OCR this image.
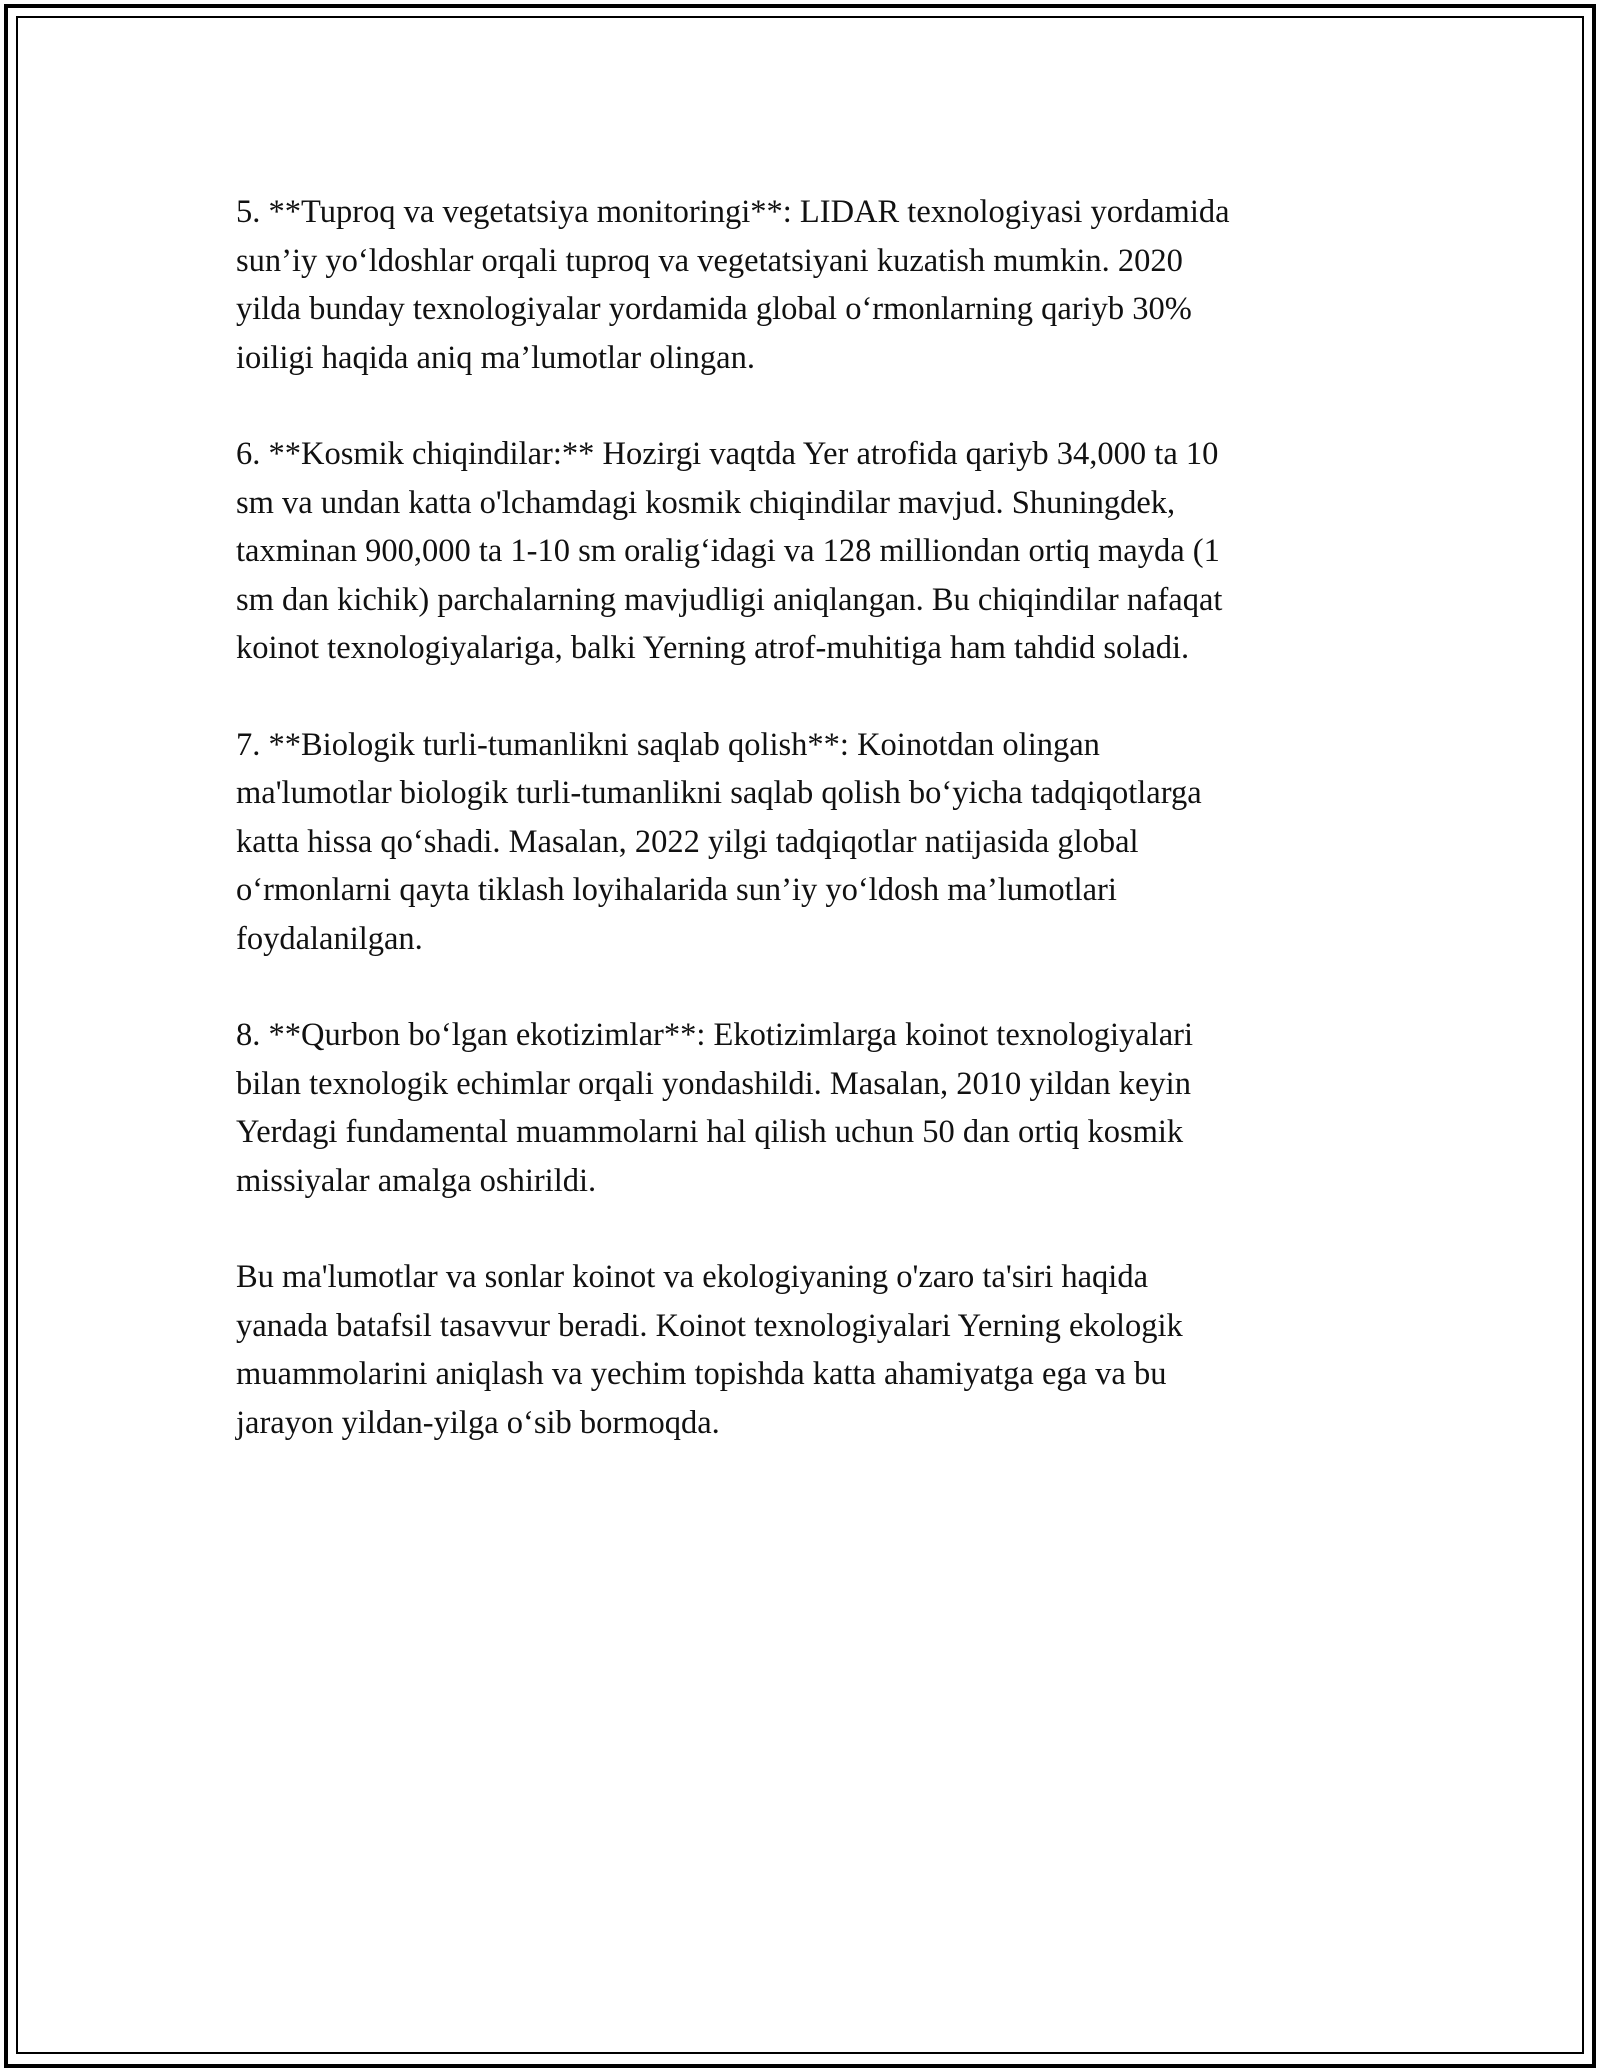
5. **Tuproq va vegetatsiya monitoringi**: LIDAR texnologiyasi yordamida
sun’iy yo‘ldoshlar orqali tuproq va vegetatsiyani kuzatish mumkin. 2020
yilda bunday texnologiyalar yordamida global o‘rmonlarning qariyb 30%
ioiligi haqida aniq ma’lumotlar olingan.

6. **Kosmik chiqindilar:** Hozirgi vaqtda Yer atrofida qariyb 34,000 ta 10
sm va undan katta o'lchamdagi kosmik chiqindilar mavjud. Shuningdek,
taxminan 900,000 ta 1-10 sm oralig‘idagi va 128 milliondan ortiq mayda (1
sm dan kichik) parchalarning mavjudligi aniqlangan. Bu chiqindilar nafaqat
koinot texnologiyalariga, balki Yerning atrof-muhitiga ham tahdid soladi.

7. **Biologik turli-tumanlikni saqlab qolish**: Koinotdan olingan
ma'lumotlar biologik turli-tumanlikni saqlab qolish bo‘yicha tadqiqotlarga
katta hissa qo‘shadi. Masalan, 2022 yilgi tadqiqotlar natijasida global
o‘rmonlarni qayta tiklash loyihalarida sun’iy yo‘ldosh ma’lumotlari
foydalanilgan.

8. **Qurbon bo‘lgan ekotizimlar**: Ekotizimlarga koinot texnologiyalari
bilan texnologik echimlar orqali yondashildi. Masalan, 2010 yildan keyin
Yerdagi fundamental muammolarni hal qilish uchun 50 dan ortiq kosmik
missiyalar amalga oshirildi.

Bu ma'lumotlar va sonlar koinot va ekologiyaning o'zaro ta'siri haqida
yanada batafsil tasavvur beradi. Koinot texnologiyalari Yerning ekologik
muammolarini aniqlash va yechim topishda katta ahamiyatga ega va bu
jarayon yildan-yilga o‘sib bormoqda.
